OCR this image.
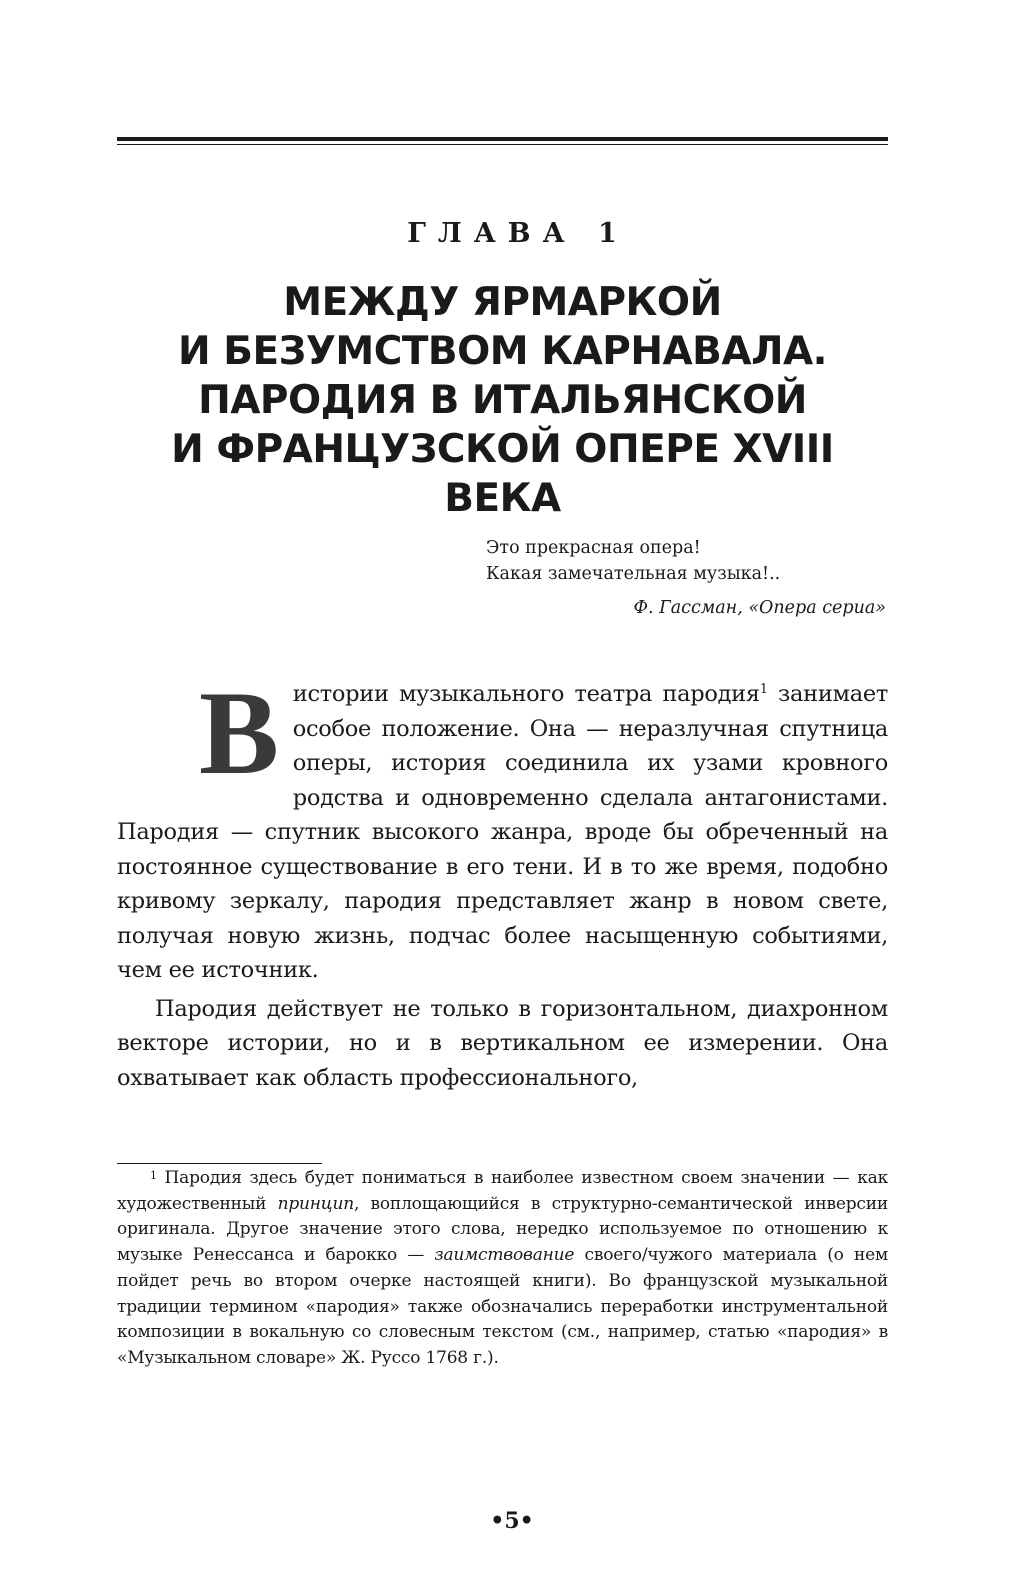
ГЛАВА 1
МЕЖДУ ЯРМАРКОЙ
И БЕЗУМСТВОМ КАРНАВАЛА.
ПАРОДИЯ В ИТАЛЬЯНСКОЙ
И ФРАНЦУЗСКОЙ ОПЕРЕ XVIII ВЕКА
Это прекрасная опера!
Какая замечательная музыка!..
Ф. Гассман, «Опера сериа»

В истории музыкального театра пародия$^1$ занимает особое положение. Она — неразлучная спутница оперы, история соединила их узами кровного родства и одновременно сделала антагонистами. Пародия — спутник высокого жанра, вроде бы обреченный на постоянное существование в его тени. И в то же время, подобно кривому зеркалу, пародия представляет жанр в новом свете, получая новую жизнь, подчас более насыщенную событиями, чем ее источник.

Пародия действует не только в горизонтальном, диахронном векторе истории, но и в вертикальном ее измерении. Она охватывает как область профессионального,

$^1$ Пародия здесь будет пониматься в наиболее известном своем значении — как художественный принцип, воплощающийся в структурно-семантической инверсии оригинала. Другое значение этого слова, нередко используемое по отношению к музыке Ренессанса и барокко — заимствование своего/чужого материала (о нем пойдет речь во втором очерке настоящей книги). Во французской музыкальной традиции термином «пародия» также обозначались переработки инструментальной композиции в вокальную со словесным текстом (см., например, статью «пародия» в «Музыкальном словаре» Ж. Руссо 1768 г.).

•5•
